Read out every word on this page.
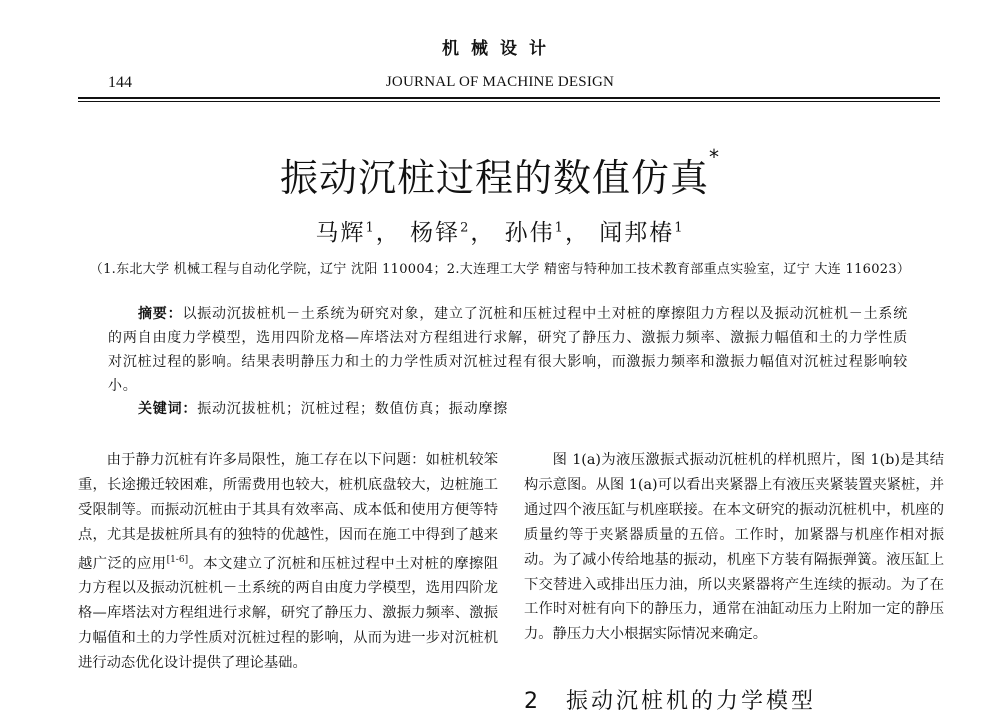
机械设计
144	JOURNAL OF MACHINE DESIGN
振动沉桩过程的数值仿真*
马辉$^1$， 杨铎$^2$， 孙伟$^1$， 闻邦椿$^1$
（1.东北大学 机械工程与自动化学院，辽宁 沈阳 110004；2.大连理工大学 精密与特种加工技术教育部重点实验室，辽宁 大连 116023）
摘要：以振动沉拔桩机－土系统为研究对象，建立了沉桩和压桩过程中土对桩的摩擦阻力方程以及振动沉桩机－土系统的两自由度力学模型，选用四阶龙格—库塔法对方程组进行求解，研究了静压力、激振力频率、激振力幅值和土的力学性质对沉桩过程的影响。结果表明静压力和土的力学性质对沉桩过程有很大影响，而激振力频率和激振力幅值对沉桩过程影响较小。
关键词：振动沉拔桩机；沉桩过程；数值仿真；振动摩擦

由于静力沉桩有许多局限性，施工存在以下问题：如桩机较笨重，长途搬迁较困难，所需费用也较大，桩机底盘较大，边桩施工受限制等。而振动沉桩由于其具有效率高、成本低和使用方便等特点，尤其是拔桩所具有的独特的优越性，因而在施工中得到了越来越广泛的应用[1-6]。本文建立了沉桩和压桩过程中土对桩的摩擦阻力方程以及振动沉桩机－土系统的两自由度力学模型，选用四阶龙格—库塔法对方程组进行求解，研究了静压力、激振力频率、激振力幅值和土的力学性质对沉桩过程的影响，从而为进一步对沉桩机进行动态优化设计提供了理论基础。

图 1(a)为液压激振式振动沉桩机的样机照片，图 1(b)是其结构示意图。从图 1(a)可以看出夹紧器上有液压夹紧装置夹紧桩，并通过四个液压缸与机座联接。在本文研究的振动沉桩机中，机座的质量约等于夹紧器质量的五倍。工作时，加紧器与机座作相对振动。为了减小传给地基的振动，机座下方装有隔振弹簧。液压缸上下交替进入或排出压力油，所以夹紧器将产生连续的振动。为了在工作时对桩有向下的静压力，通常在油缸动压力上附加一定的静压力。静压力大小根据实际情况来确定。

2　振动沉桩机的力学模型
